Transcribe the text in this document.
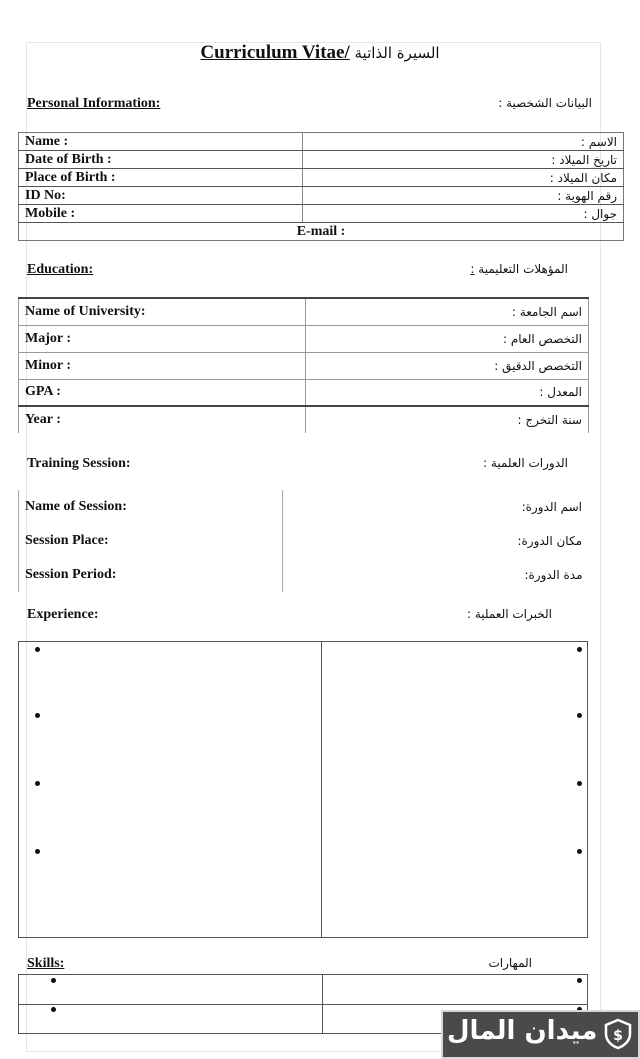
Curriculum Vitae/ السيرة الذاتية
Personal Information:	البيانات الشخصية :
Name :	الاسم :
Date of Birth :	تاريخ الميلاد :
Place of Birth :	مكان الميلاد :
ID No:	رقم الهوية :
Mobile :	جوال :
E-mail :	
Education:	المؤهلات التعليمية :
Name of University:	اسم الجامعة :
Major :	التخصص العام :
Minor :	التخصص الدقيق :
GPA :	المعدل :
Year :	سنة التخرج :
Training Session:	الدورات العلمية :
Name of Session:	اسم الدورة:
Session Place:	مكان الدورة:
Session Period:	مدة الدورة:
Experience:	الخبرات العملية :
Skills:	المهارات
ميدان المال $
